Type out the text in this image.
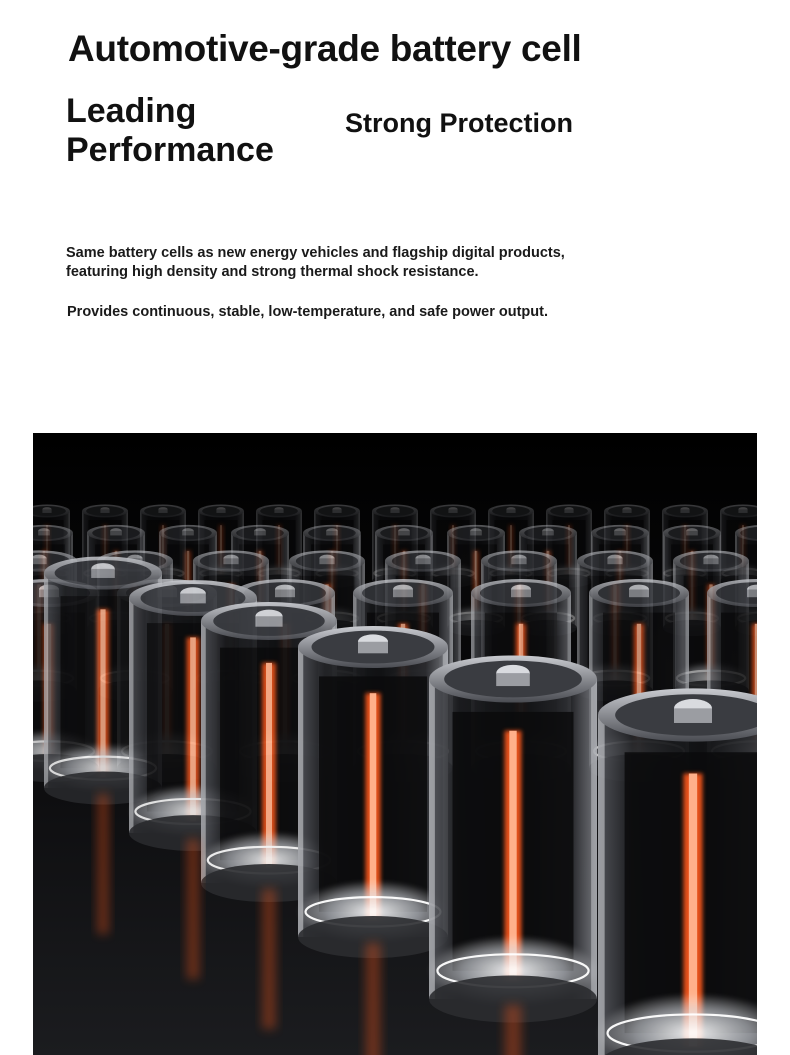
Automotive-grade battery cell
Leading Performance
Strong Protection
Same battery cells as new energy vehicles and flagship digital products, featuring high density and strong thermal shock resistance.
Provides continuous, stable, low-temperature, and safe power output.
